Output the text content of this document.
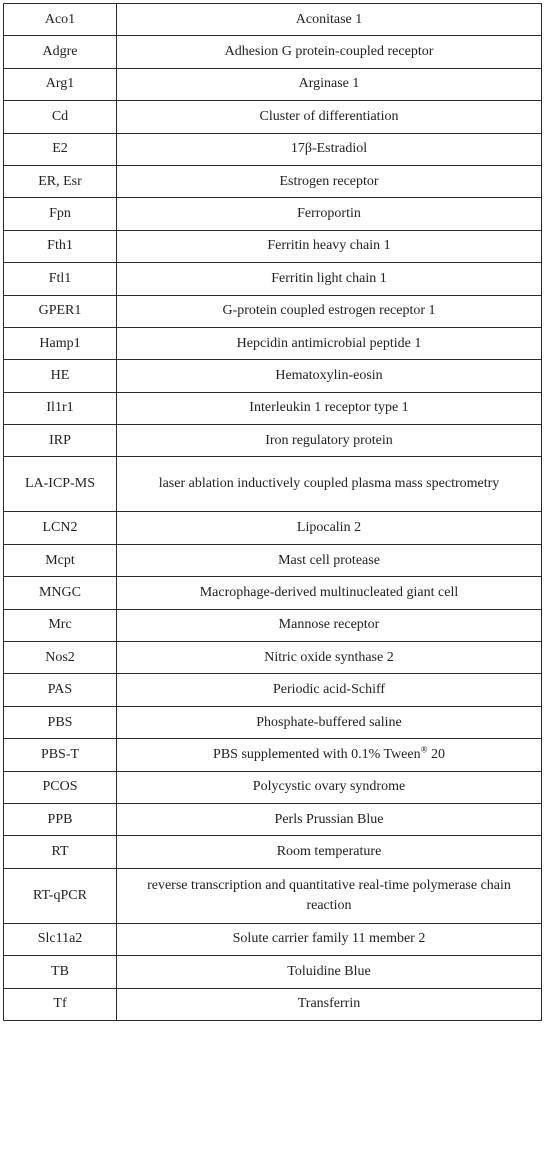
Aco1	Aconitase 1
Adgre	Adhesion G protein-coupled receptor
Arg1	Arginase 1
Cd	Cluster of differentiation
E2	17β-Estradiol
ER, Esr	Estrogen receptor
Fpn	Ferroportin
Fth1	Ferritin heavy chain 1
Ftl1	Ferritin light chain 1
GPER1	G-protein coupled estrogen receptor 1
Hamp1	Hepcidin antimicrobial peptide 1
HE	Hematoxylin-eosin
Il1r1	Interleukin 1 receptor type 1
IRP	Iron regulatory protein
LA-ICP-MS	laser ablation inductively coupled plasma mass spectrometry
LCN2	Lipocalin 2
Mcpt	Mast cell protease
MNGC	Macrophage-derived multinucleated giant cell
Mrc	Mannose receptor
Nos2	Nitric oxide synthase 2
PAS	Periodic acid-Schiff
PBS	Phosphate-buffered saline
PBS-T	PBS supplemented with 0.1% Tween® 20
PCOS	Polycystic ovary syndrome
PPB	Perls Prussian Blue
RT	Room temperature
RT-qPCR	reverse transcription and quantitative real-time polymerase chain reaction
Slc11a2	Solute carrier family 11 member 2
TB	Toluidine Blue
Tf	Transferrin
